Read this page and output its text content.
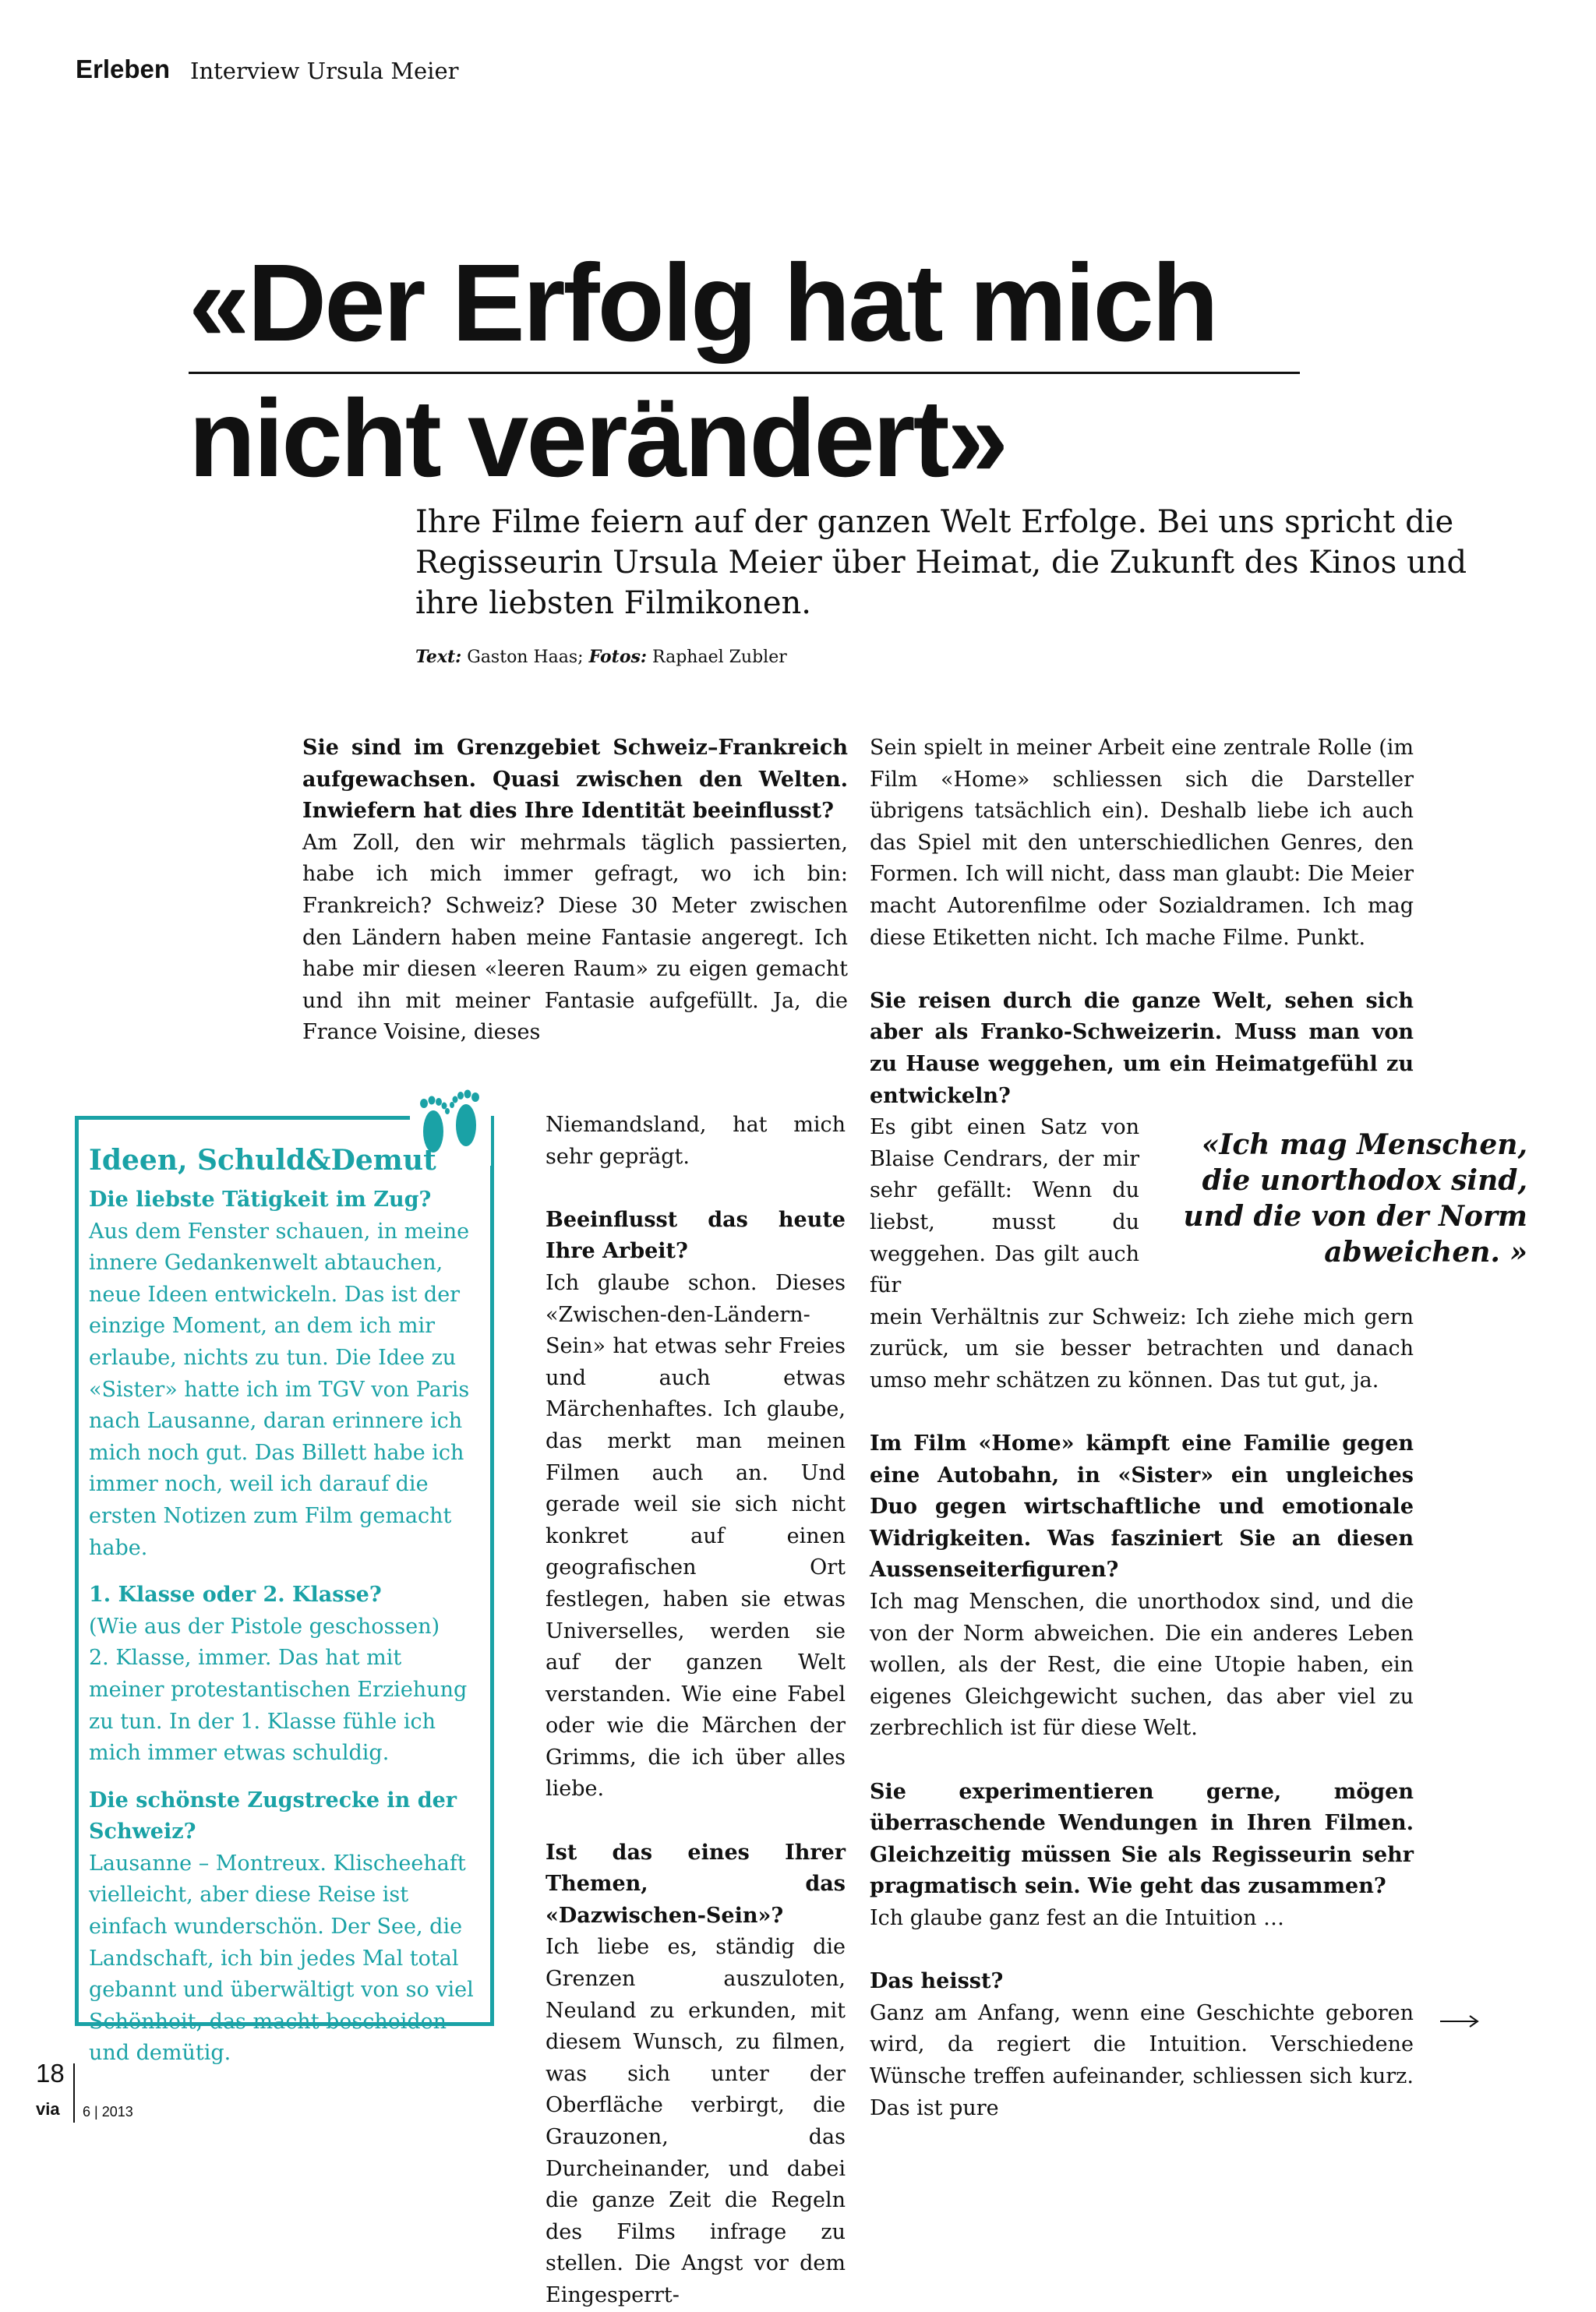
Erleben Interview Ursula Meier
«Der Erfolg hat mich
nicht verändert»
Ihre Filme feiern auf der ganzen Welt Erfolge. Bei uns spricht die Regisseurin Ursula Meier über Heimat, die Zukunft des Kinos und ihre liebsten Filmikonen.
Text: Gaston Haas; Fotos: Raphael Zubler

Sie sind im Grenzgebiet Schweiz–Frankreich aufgewachsen. Quasi zwischen den Welten. Inwiefern hat dies Ihre Identität beeinflusst?

Am Zoll, den wir mehrmals täglich passierten, habe ich mich immer gefragt, wo ich bin: Frankreich? Schweiz? Diese 30 Meter zwischen den Ländern haben meine Fantasie angeregt. Ich habe mir diesen «leeren Raum» zu eigen gemacht und ihn mit meiner Fantasie aufgefüllt. Ja, die France Voisine, dieses

Niemandsland, hat mich sehr geprägt.

Beeinflusst das heute Ihre Arbeit?

Ich glaube schon. Dieses «Zwischen-den-Ländern-Sein» hat etwas sehr Freies und auch etwas Märchenhaftes. Ich glaube, das merkt man meinen Filmen auch an. Und gerade weil sie sich nicht konkret auf einen geografischen Ort festlegen, haben sie etwas Universelles, werden sie auf der ganzen Welt verstanden. Wie eine Fabel oder wie die Märchen der Grimms, die ich über alles liebe.

Ist das eines Ihrer Themen, das «Dazwischen-Sein»?

Ich liebe es, ständig die Grenzen auszuloten, Neuland zu erkunden, mit diesem Wunsch, zu filmen, was sich unter der Oberfläche verbirgt, die Grauzonen, das Durcheinander, und dabei die ganze Zeit die Regeln des Films infrage zu stellen. Die Angst vor dem Eingesperrt-

Sein spielt in meiner Arbeit eine zentrale Rolle (im Film «Home» schliessen sich die Darsteller übrigens tatsächlich ein). Deshalb liebe ich auch das Spiel mit den unterschiedlichen Genres, den Formen. Ich will nicht, dass man glaubt: Die Meier macht Autorenfilme oder Sozialdramen. Ich mag diese Etiketten nicht. Ich mache Filme. Punkt.

Sie reisen durch die ganze Welt, sehen sich aber als Franko-Schweizerin. Muss man von zu Hause weggehen, um ein Heimatgefühl zu entwickeln?

Es gibt einen Satz von Blaise Cendrars, der mir sehr gefällt: Wenn du liebst, musst du weggehen. Das gilt auch für

mein Verhältnis zur Schweiz: Ich ziehe mich gern zurück, um sie besser betrachten und danach umso mehr schätzen zu können. Das tut gut, ja.

Im Film «Home» kämpft eine Familie gegen eine Autobahn, in «Sister» ein ungleiches Duo gegen wirtschaftliche und emotionale Widrigkeiten. Was fasziniert Sie an diesen Aussenseiterfiguren?

Ich mag Menschen, die unorthodox sind, und die von der Norm abweichen. Die ein anderes Leben wollen, als der Rest, die eine Utopie haben, ein eigenes Gleichgewicht suchen, das aber viel zu zerbrechlich ist für diese Welt.

Sie experimentieren gerne, mögen überraschende Wendungen in Ihren Filmen. Gleichzeitig müssen Sie als Regisseurin sehr pragmatisch sein. Wie geht das zusammen?

Ich glaube ganz fest an die Intuition …

Das heisst?

Ganz am Anfang, wenn eine Geschichte geboren wird, da regiert die Intuition. Verschiedene Wünsche treffen aufeinander, schliessen sich kurz. Das ist pure

«Ich mag Menschen, die unorthodox sind, und die von der Norm abweichen. »
Ideen, Schuld&Demut

Die liebste Tätigkeit im Zug?

Aus dem Fenster schauen, in meine innere Gedankenwelt abtauchen, neue Ideen entwickeln. Das ist der einzige Moment, an dem ich mir erlaube, nichts zu tun. Die Idee zu «Sister» hatte ich im TGV von Paris nach Lausanne, daran erinnere ich mich noch gut. Das Billett habe ich immer noch, weil ich darauf die ersten Notizen zum Film gemacht habe.

1. Klasse oder 2. Klasse?

(Wie aus der Pistole geschossen)

2. Klasse, immer. Das hat mit meiner protestantischen Erziehung zu tun. In der 1. Klasse fühle ich mich immer etwas schuldig.

Die schönste Zugstrecke in der Schweiz?

Lausanne – Montreux. Klischeehaft vielleicht, aber diese Reise ist einfach wunderschön. Der See, die Landschaft, ich bin jedes Mal total gebannt und überwältigt von so viel Schönheit, das macht bescheiden und demütig.

18
via 6 | 2013
